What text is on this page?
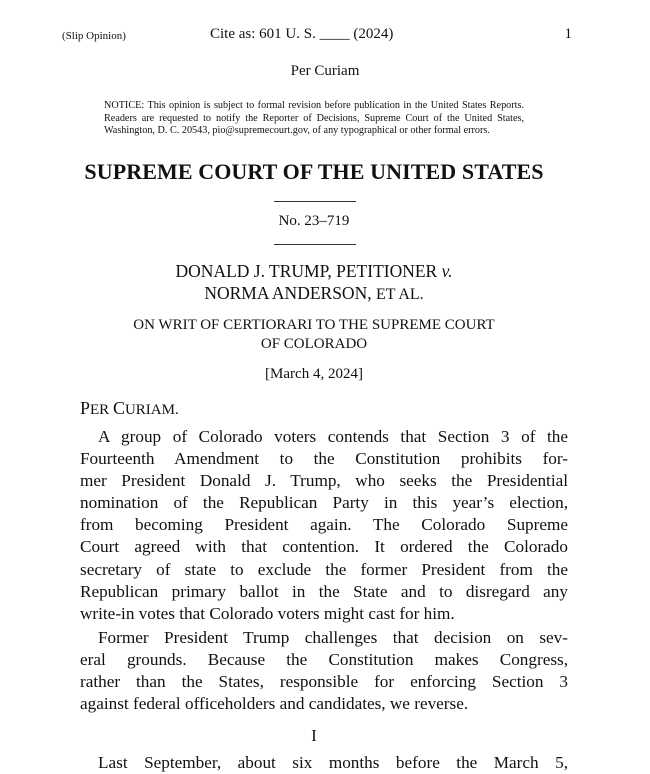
(Slip Opinion)	Cite as: 601 U. S. ____ (2024)	1
Per Curiam
NOTICE: This opinion is subject to formal revision before publication in the United States Reports. Readers are requested to notify the Reporter of Decisions, Supreme Court of the United States, Washington, D. C. 20543, pio@supremecourt.gov, of any typographical or other formal errors.
SUPREME COURT OF THE UNITED STATES
No. 23–719
DONALD J. TRUMP, PETITIONER v.
NORMA ANDERSON, ET AL.
ON WRIT OF CERTIORARI TO THE SUPREME COURT
OF COLORADO
[March 4, 2024]
PER CURIAM.
A group of Colorado voters contends that Section 3 of the
Fourteenth Amendment to the Constitution prohibits for-
mer President Donald J. Trump, who seeks the Presidential
nomination of the Republican Party in this year’s election,
from becoming President again. The Colorado Supreme
Court agreed with that contention. It ordered the Colorado
secretary of state to exclude the former President from the
Republican primary ballot in the State and to disregard any
write-in votes that Colorado voters might cast for him.
Former President Trump challenges that decision on sev-
eral grounds. Because the Constitution makes Congress,
rather than the States, responsible for enforcing Section 3
against federal officeholders and candidates, we reverse.
I
Last September, about six months before the March 5,
